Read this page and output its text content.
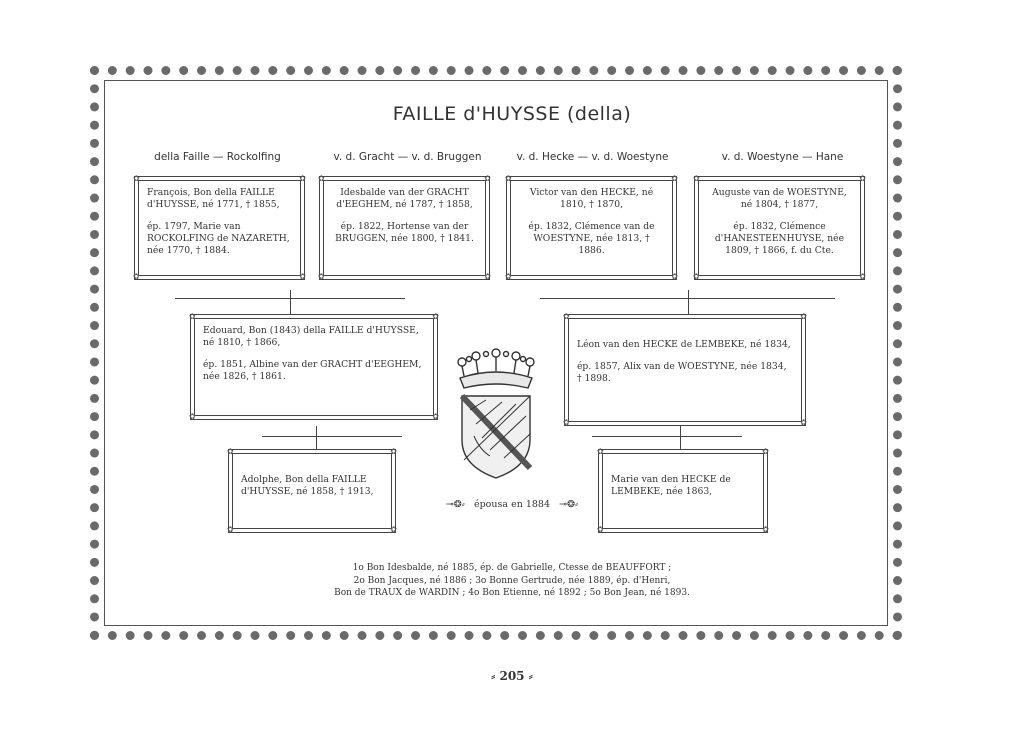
FAILLE d'HUYSSE (della)
della Faille — Rockolfing	v. d. Gracht — v. d. Bruggen	v. d. Hecke — v. d. Woestyne	v. d. Woestyne — Hane
✿	✿
✿	✿

François, Bon della FAILLE d'HUYSSE, né 1771, † 1855,

ép. 1797, Marie van ROCKOLFING de NAZARETH, née 1770, † 1884.

✿	✿
✿	✿

Idesbalde van der GRACHT d'EEGHEM, né 1787, † 1858,

ép. 1822, Hortense van der BRUGGEN, née 1800, † 1841.

✿	✿
✿	✿

Victor van den HECKE, né 1810, † 1870,

ép. 1832, Clémence van de WOESTYNE, née 1813, † 1886.

✿	✿
✿	✿

Auguste van de WOESTYNE, né 1804, † 1877,

ép. 1832, Clémence d'HANESTEENHUYSE, née 1809, † 1866, f. du Cte.

✿	✿
✿	✿

Edouard, Bon (1843) della FAILLE d'HUYSSE, né 1810, † 1866,

ép. 1851, Albine van der GRACHT d'EEGHEM, née 1826, † 1861.

✿	✿
✿	✿

Léon van den HECKE de LEMBEKE, né 1834,

ép. 1857, Alix van de WOESTYNE, née 1834, † 1898.

✿	✿
✿	✿

Adolphe, Bon della FAILLE d'HUYSSE, né 1858, † 1913,

✿	✿
✿	✿

Marie van den HECKE de LEMBEKE, née 1863,

⊸❂⸗ épousa en 1884 ⊸❂⸗
1o Bon Idesbalde, né 1885, ép. de Gabrielle, Ctesse de BEAUFFORT ;
2o Bon Jacques, né 1886 ; 3o Bonne Gertrude, née 1889, ép. d'Henri,
Bon de TRAUX de WARDIN ; 4o Bon Etienne, né 1892 ; 5o Bon Jean, né 1893.
⸗ 205 ⸗
